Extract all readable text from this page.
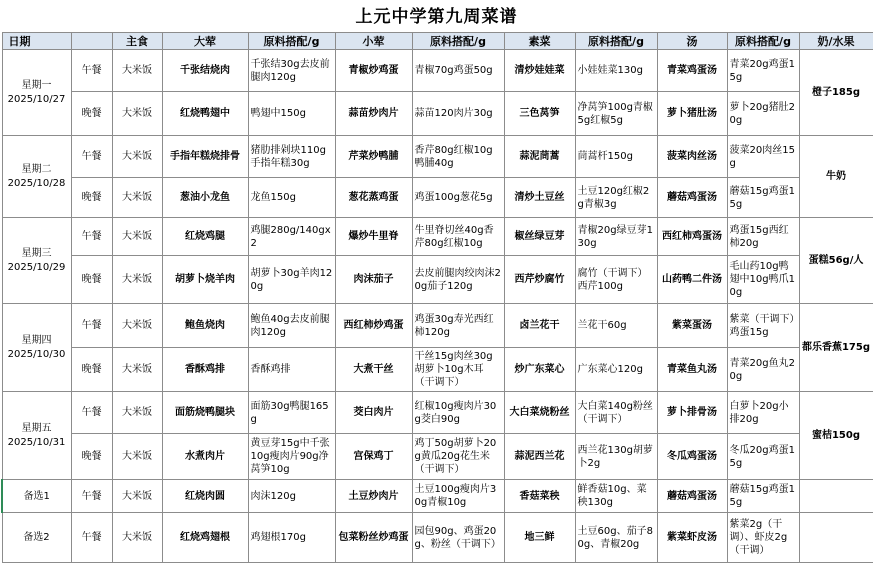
上元中学第九周菜谱
日期		主食	大荤	原料搭配/g	小荤	原料搭配/g	素菜	原料搭配/g	汤	原料搭配/g	奶/水果

星期一
2025/10/27	午餐	大米饭	千张结烧肉	千张结30g去皮前腿肉120g	青椒炒鸡蛋	青椒70g鸡蛋50g	清炒娃娃菜	小娃娃菜130g	青菜鸡蛋汤	青菜20g鸡蛋15g	橙子185g
	晚餐	大米饭	红烧鸭翅中	鸭翅中150g	蒜苗炒肉片	蒜苗120肉片30g	三色莴笋	净莴笋100g青椒5g红椒5g	萝卜猪肚汤	萝卜20g猪肚20g	

星期二
2025/10/28	午餐	大米饭	手指年糕烧排骨	猪肋排剁块110g手指年糕30g	芹菜炒鸭脯	香芹80g红椒10g鸭脯40g	蒜泥茼蒿	茼蒿杆150g	菠菜肉丝汤	菠菜20肉丝15g	牛奶
	晚餐	大米饭	葱油小龙鱼	龙鱼150g	葱花蒸鸡蛋	鸡蛋100g葱花5g	清炒土豆丝	土豆120g红椒2g青椒3g	蘑菇鸡蛋汤	蘑菇15g鸡蛋15g	

星期三
2025/10/29	午餐	大米饭	红烧鸡腿	鸡腿280g/140gx2	爆炒牛里脊	牛里脊切丝40g香芹80g红椒10g	椒丝绿豆芽	青椒20g绿豆芽130g	西红柿鸡蛋汤	鸡蛋15g西红柿20g	蛋糕56g/人
	晚餐	大米饭	胡萝卜烧羊肉	胡萝卜30g羊肉120g	肉沫茄子	去皮前腿肉绞肉沫20g茄子120g	西芹炒腐竹	腐竹（干调下）西芹100g	山药鸭二件汤	毛山药10g鸭翅中10g鸭爪10g	

星期四
2025/10/30	午餐	大米饭	鲍鱼烧肉	鲍鱼40g去皮前腿肉120g	西红柿炒鸡蛋	鸡蛋30g寿光西红柿120g	卤兰花干	兰花干60g	紫菜蛋汤	紫菜（干调下）鸡蛋15g	都乐香蕉175g
	晚餐	大米饭	香酥鸡排	香酥鸡排	大煮干丝	干丝15g肉丝30g胡萝卜10g木耳（干调下）	炒广东菜心	广东菜心120g	青菜鱼丸汤	青菜20g鱼丸20g	

星期五
2025/10/31	午餐	大米饭	面筋烧鸭腿块	面筋30g鸭腿165g	茭白肉片	红椒10g瘦肉片30g茭白90g	大白菜烧粉丝	大白菜140g粉丝（干调下）	萝卜排骨汤	白萝卜20g小排20g	蜜桔150g
	晚餐	大米饭	水煮肉片	黄豆芽15g中千张10g瘦肉片90g净莴笋10g	宫保鸡丁	鸡丁50g胡萝卜20g黄瓜20g花生米（干调下）	蒜泥西兰花	西兰花130g胡萝卜2g	冬瓜鸡蛋汤	冬瓜20g鸡蛋15g	
备选1	午餐	大米饭	红烧肉圆	肉沫120g	土豆炒肉片	土豆100g瘦肉片30g青椒10g	香菇菜秧	鲜香菇10g、菜秧130g	蘑菇鸡蛋汤	蘑菇15g鸡蛋15g	
备选2	午餐	大米饭	红烧鸡翅根	鸡翅根170g	包菜粉丝炒鸡蛋	园包90g、鸡蛋20g、粉丝（干调下）	地三鲜	土豆60g、茄子80g、青椒20g	紫菜虾皮汤	紫菜2g（干调）、虾皮2g（干调）	
